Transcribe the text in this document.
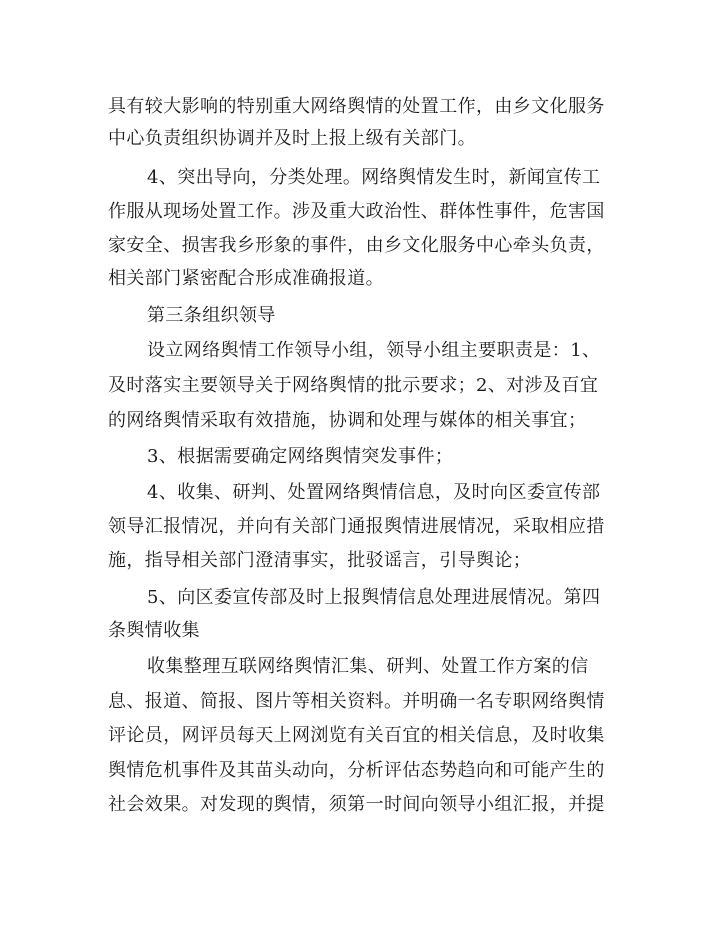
具有较大影响的特别重大网络舆情的处置工作，由乡文化服务
中心负责组织协调并及时上报上级有关部门。
4、突出导向，分类处理。网络舆情发生时，新闻宣传工
作服从现场处置工作。涉及重大政治性、群体性事件，危害国
家安全、损害我乡形象的事件，由乡文化服务中心牵头负责，
相关部门紧密配合形成准确报道。
第三条组织领导
设立网络舆情工作领导小组，领导小组主要职责是：1、
及时落实主要领导关于网络舆情的批示要求；2、对涉及百宜
的网络舆情采取有效措施，协调和处理与媒体的相关事宜；
3、根据需要确定网络舆情突发事件；
4、收集、研判、处置网络舆情信息，及时向区委宣传部
领导汇报情况，并向有关部门通报舆情进展情况，采取相应措
施，指导相关部门澄清事实，批驳谣言，引导舆论；
5、向区委宣传部及时上报舆情信息处理进展情况。第四
条舆情收集
收集整理互联网络舆情汇集、研判、处置工作方案的信
息、报道、简报、图片等相关资料。并明确一名专职网络舆情
评论员，网评员每天上网浏览有关百宜的相关信息，及时收集
舆情危机事件及其苗头动向，分析评估态势趋向和可能产生的
社会效果。对发现的舆情，须第一时间向领导小组汇报，并提
